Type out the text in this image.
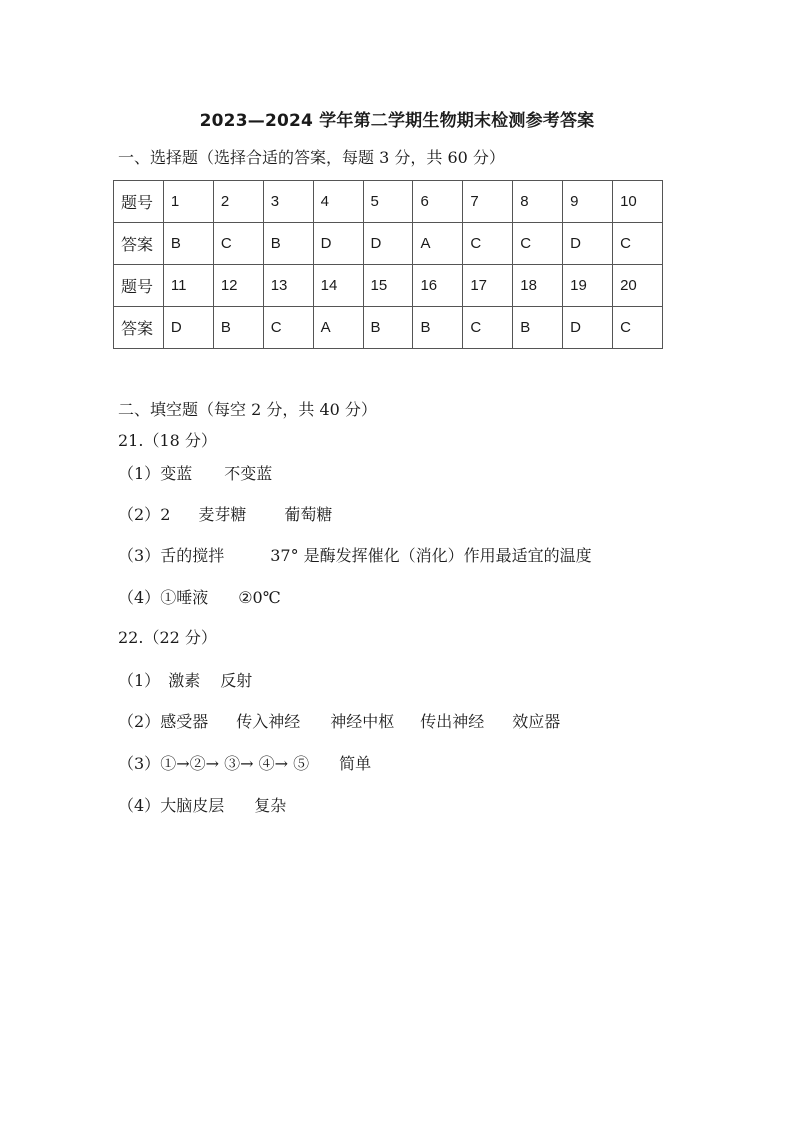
2023—2024 学年第二学期生物期末检测参考答案
一、选择题（选择合适的答案，每题 3 分，共 60 分）
题号	1	2	3	4	5	6	7	8	9	10
答案	B	C	B	D	D	A	C	C	D	C
题号	11	12	13	14	15	16	17	18	19	20
答案	D	B	C	A	B	B	C	B	D	C
二、填空题（每空 2 分，共 40 分）
21.（18 分）
（1）变蓝 不变蓝
（2）2 麦芽糖 葡萄糖
（3）舌的搅拌	37° 是酶发挥催化（消化）作用最适宜的温度
（4）①唾液 ②0℃
22.（22 分）
（1） 激素 反射
（2）感受器 传入神经 神经中枢 传出神经 效应器
（3）①→②→ ③→ ④→ ⑤ 简单
（4）大脑皮层 复杂
